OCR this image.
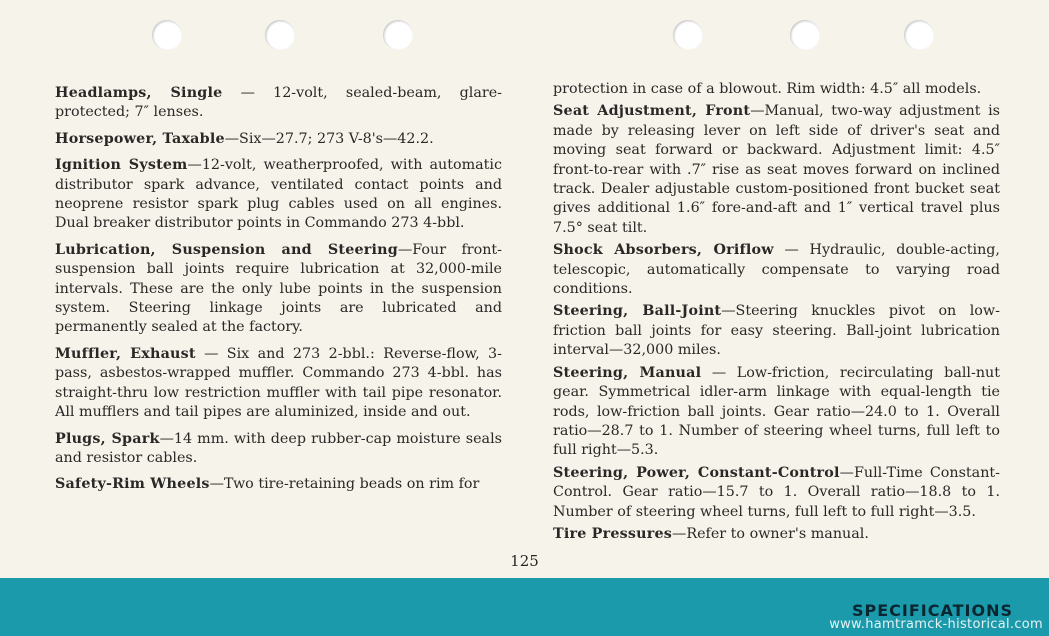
Headlamps, Single — 12-volt, sealed-beam, glare-protected; 7″ lenses.
Horsepower, Taxable—Six—27.7; 273 V-8's—42.2.
Ignition System—12-volt, weatherproofed, with automatic distributor spark advance, ventilated contact points and neoprene resistor spark plug cables used on all engines. Dual breaker distributor points in Commando 273 4-bbl.
Lubrication, Suspension and Steering—Four front-suspension ball joints require lubrication at 32,000-mile intervals. These are the only lube points in the suspension system. Steering linkage joints are lubricated and permanently sealed at the factory.
Muffler, Exhaust — Six and 273 2-bbl.: Reverse-flow, 3-pass, asbestos-wrapped muffler. Commando 273 4-bbl. has straight-thru low restriction muffler with tail pipe resonator. All mufflers and tail pipes are aluminized, inside and out.
Plugs, Spark—14 mm. with deep rubber-cap moisture seals and resistor cables.
Safety-Rim Wheels—Two tire-retaining beads on rim for
protection in case of a blowout. Rim width: 4.5″ all models.
Seat Adjustment, Front—Manual, two-way adjustment is made by releasing lever on left side of driver's seat and moving seat forward or backward. Adjustment limit: 4.5″ front-to-rear with .7″ rise as seat moves forward on inclined track. Dealer adjustable custom-positioned front bucket seat gives additional 1.6″ fore-and-aft and 1″ vertical travel plus 7.5° seat tilt.
Shock Absorbers, Oriflow — Hydraulic, double-acting, telescopic, automatically compensate to varying road conditions.
Steering, Ball-Joint—Steering knuckles pivot on low-friction ball joints for easy steering. Ball-joint lubrication interval—32,000 miles.
Steering, Manual — Low-friction, recirculating ball-nut gear. Symmetrical idler-arm linkage with equal-length tie rods, low-friction ball joints. Gear ratio—24.0 to 1. Overall ratio—28.7 to 1. Number of steering wheel turns, full left to full right—5.3.
Steering, Power, Constant-Control—Full-Time Constant-Control. Gear ratio—15.7 to 1. Overall ratio—18.8 to 1. Number of steering wheel turns, full left to full right—3.5.
Tire Pressures—Refer to owner's manual.
125
SPECIFICATIONS
www.hamtramck-historical.com
